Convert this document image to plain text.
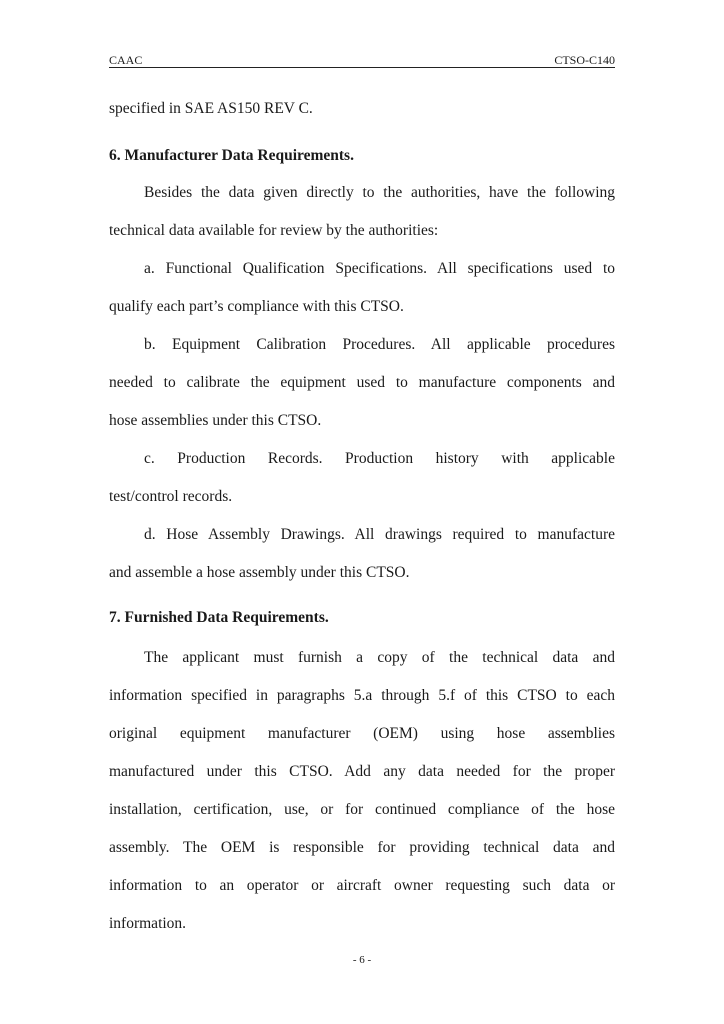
CAAC	CTSO-C140
specified in SAE AS150 REV C.
6. Manufacturer Data Requirements.
Besides the data given directly to the authorities, have the following
technical data available for review by the authorities:
a. Functional Qualification Specifications. All specifications used to
qualify each part’s compliance with this CTSO.
b. Equipment Calibration Procedures. All applicable procedures
needed to calibrate the equipment used to manufacture components and
hose assemblies under this CTSO.
c. Production Records. Production history with applicable
test/control records.
d. Hose Assembly Drawings. All drawings required to manufacture
and assemble a hose assembly under this CTSO.
7. Furnished Data Requirements.
The applicant must furnish a copy of the technical data and
information specified in paragraphs 5.a through 5.f of this CTSO to each
original equipment manufacturer (OEM) using hose assemblies
manufactured under this CTSO. Add any data needed for the proper
installation, certification, use, or for continued compliance of the hose
assembly. The OEM is responsible for providing technical data and
information to an operator or aircraft owner requesting such data or
information.
- 6 -
